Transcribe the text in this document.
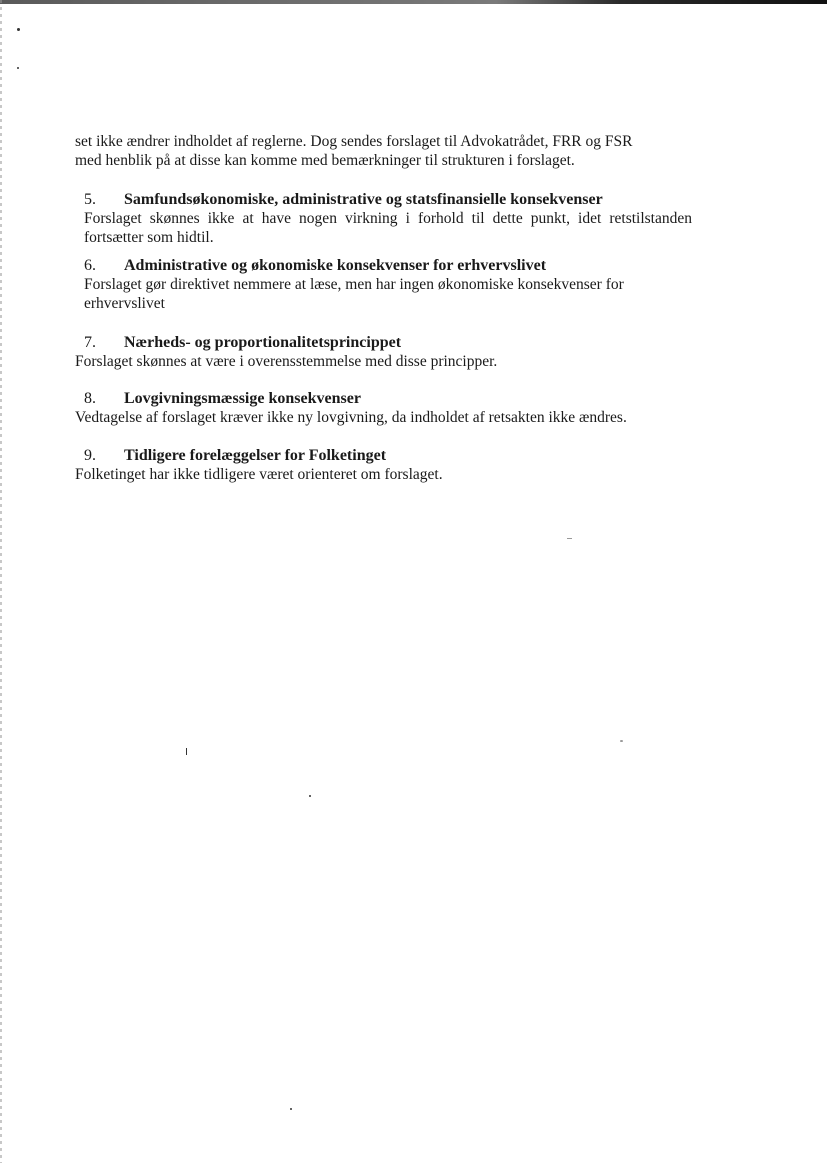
set ikke ændrer indholdet af reglerne. Dog sendes forslaget til Advokatrådet, FRR og FSR

med henblik på at disse kan komme med bemærkninger til strukturen i forslaget.

5.	Samfundsøkonomiske, administrative og statsfinansielle konsekvenser

Forslaget skønnes ikke at have nogen virkning i forhold til dette punkt, idet retstilstanden fortsætter som hidtil.

6.	Administrative og økonomiske konsekvenser for erhvervslivet

Forslaget gør direktivet nemmere at læse, men har ingen økonomiske konsekvenser for erhvervslivet

7.	Nærheds- og proportionalitetsprincippet

Forslaget skønnes at være i overensstemmelse med disse principper.

8.	Lovgivningsmæssige konsekvenser

Vedtagelse af forslaget kræver ikke ny lovgivning, da indholdet af retsakten ikke ændres.

9.	Tidligere forelæggelser for Folketinget

Folketinget har ikke tidligere været orienteret om forslaget.
